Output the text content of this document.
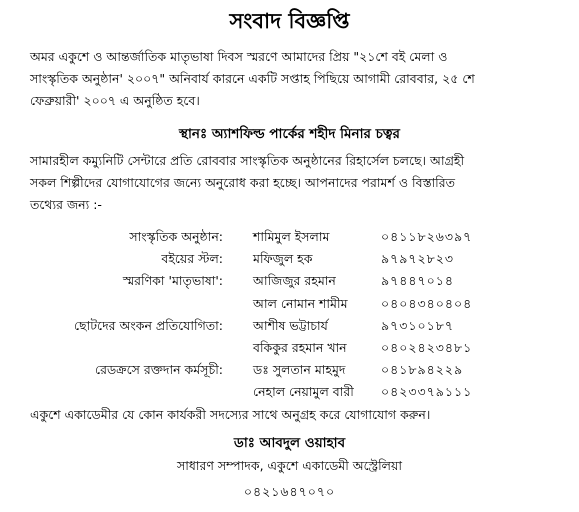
সংবাদ বিজ্ঞপ্তি
অমর একুশে ও আন্তর্জাতিক মাতৃভাষা দিবস স্মরণে আমাদের প্রিয় "২১শে বই মেলা ও
সাংস্কৃতিক অনুষ্ঠান' ২০০৭" অনিবার্য কারনে একটি সপ্তাহ পিছিয়ে আগামী রোববার, ২৫ শে
ফেব্রুয়ারী' ২০০৭ এ অনুষ্ঠিত হবে।
স্থানঃ অ্যাশফিল্ড পার্কের শহীদ মিনার চত্বর
সামারহীল কম্যুনিটি সেন্টারে প্রতি রোববার সাংস্কৃতিক অনুষ্ঠানের রিহার্সেল চলছে। আগ্রহী
সকল শিল্পীদের যোগাযোগের জন্যে অনুরোধ করা হচ্ছে। আপনাদের পরামর্শ ও বিস্তারিত
তথ্যের জন্য :-
সাংস্কৃতিক অনুষ্ঠান: শামিমুল ইসলাম	০৪১১৮২৬৩৯৭
বইয়ের স্টল: মফিজুল হক	৯৭৯৭২৮২৩
স্মরণিকা 'মাতৃভাষা': আজিজুর রহমান	৯৭৪৪৭০১৪
আল নোমান শামীম	০৪০৪৩৪০৪০৪
ছোটদের অংকন প্রতিযোগিতা: আশীষ ভট্টাচার্য	৯৭৩১০১৮৭
বকিকুর রহমান খান	০৪০২৪২৩৪৮১
রেডক্রসে রক্তদান কর্মসূচী: ডঃ সুলতান মাহমুদ	০৪১৮৯৪২২৯
নেহাল নেয়ামুল বারী ০৪২৩৩৭৯১১১
একুশে একাডেমীর যে কোন কার্যকরী সদস্যের সাথে অনুগ্রহ করে যোগাযোগ করুন।
ডাঃ আবদুল ওয়াহাব
সাধারণ সম্পাদক, একুশে একাডেমী অস্ট্রেলিয়া
০৪২১৬৪৭০৭০
